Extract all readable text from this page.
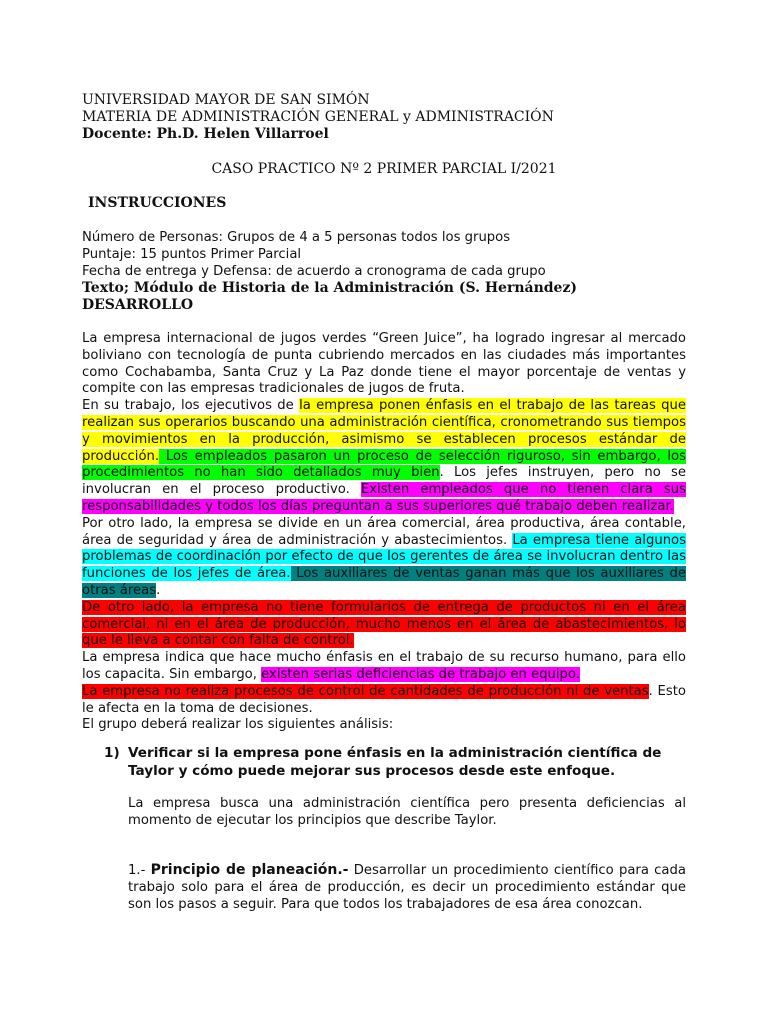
UNIVERSIDAD MAYOR DE SAN SIMÓN
MATERIA DE ADMINISTRACIÓN GENERAL y ADMINISTRACIÓN
Docente: Ph.D. Helen Villarroel
CASO PRACTICO Nº 2 PRIMER PARCIAL I/2021
INSTRUCCIONES
Número de Personas: Grupos de 4 a 5 personas todos los grupos
Puntaje: 15 puntos Primer Parcial
Fecha de entrega y Defensa: de acuerdo a cronograma de cada grupo
Texto; Módulo de Historia de la Administración (S. Hernández)
DESARROLLO

La empresa internacional de jugos verdes “Green Juice”, ha logrado ingresar al mercado boliviano con tecnología de punta cubriendo mercados en las ciudades más importantes como Cochabamba, Santa Cruz y La Paz donde tiene el mayor porcentaje de ventas y compite con las empresas tradicionales de jugos de fruta.

En su trabajo, los ejecutivos de la empresa ponen énfasis en el trabajo de las tareas que realizan sus operarios buscando una administración científica, cronometrando sus tiempos y movimientos en la producción, asimismo se establecen procesos estándar de producción. Los empleados pasaron un proceso de selección riguroso, sin embargo, los procedimientos no han sido detallados muy bien. Los jefes instruyen, pero no se involucran en el proceso productivo. Existen empleados que no tienen clara sus responsabilidades y todos los días preguntan a sus superiores qué trabajo deben realizar.

Por otro lado, la empresa se divide en un área comercial, área productiva, área contable, área de seguridad y área de administración y abastecimientos. La empresa tiene algunos problemas de coordinación por efecto de que los gerentes de área se involucran dentro las funciones de los jefes de área. Los auxiliares de ventas ganan más que los auxiliares de otras áreas.

De otro lado, la empresa no tiene formularios de entrega de productos ni en el área comercial, ni en el área de producción, mucho menos en el área de abastecimientos, lo que le lleva a contar con falta de control.

La empresa indica que hace mucho énfasis en el trabajo de su recurso humano, para ello los capacita. Sin embargo, existen serias deficiencias de trabajo en equipo.

La empresa no realiza procesos de control de cantidades de producción ni de ventas. Esto le afecta en la toma de decisiones.

El grupo deberá realizar los siguientes análisis:

1) Verificar si la empresa pone énfasis en la administración científica de Taylor y cómo puede mejorar sus procesos desde este enfoque.

La empresa busca una administración científica pero presenta deficiencias al momento de ejecutar los principios que describe Taylor.

1.- Principio de planeación.- Desarrollar un procedimiento científico para cada trabajo solo para el área de producción, es decir un procedimiento estándar que son los pasos a seguir. Para que todos los trabajadores de esa área conozcan.
